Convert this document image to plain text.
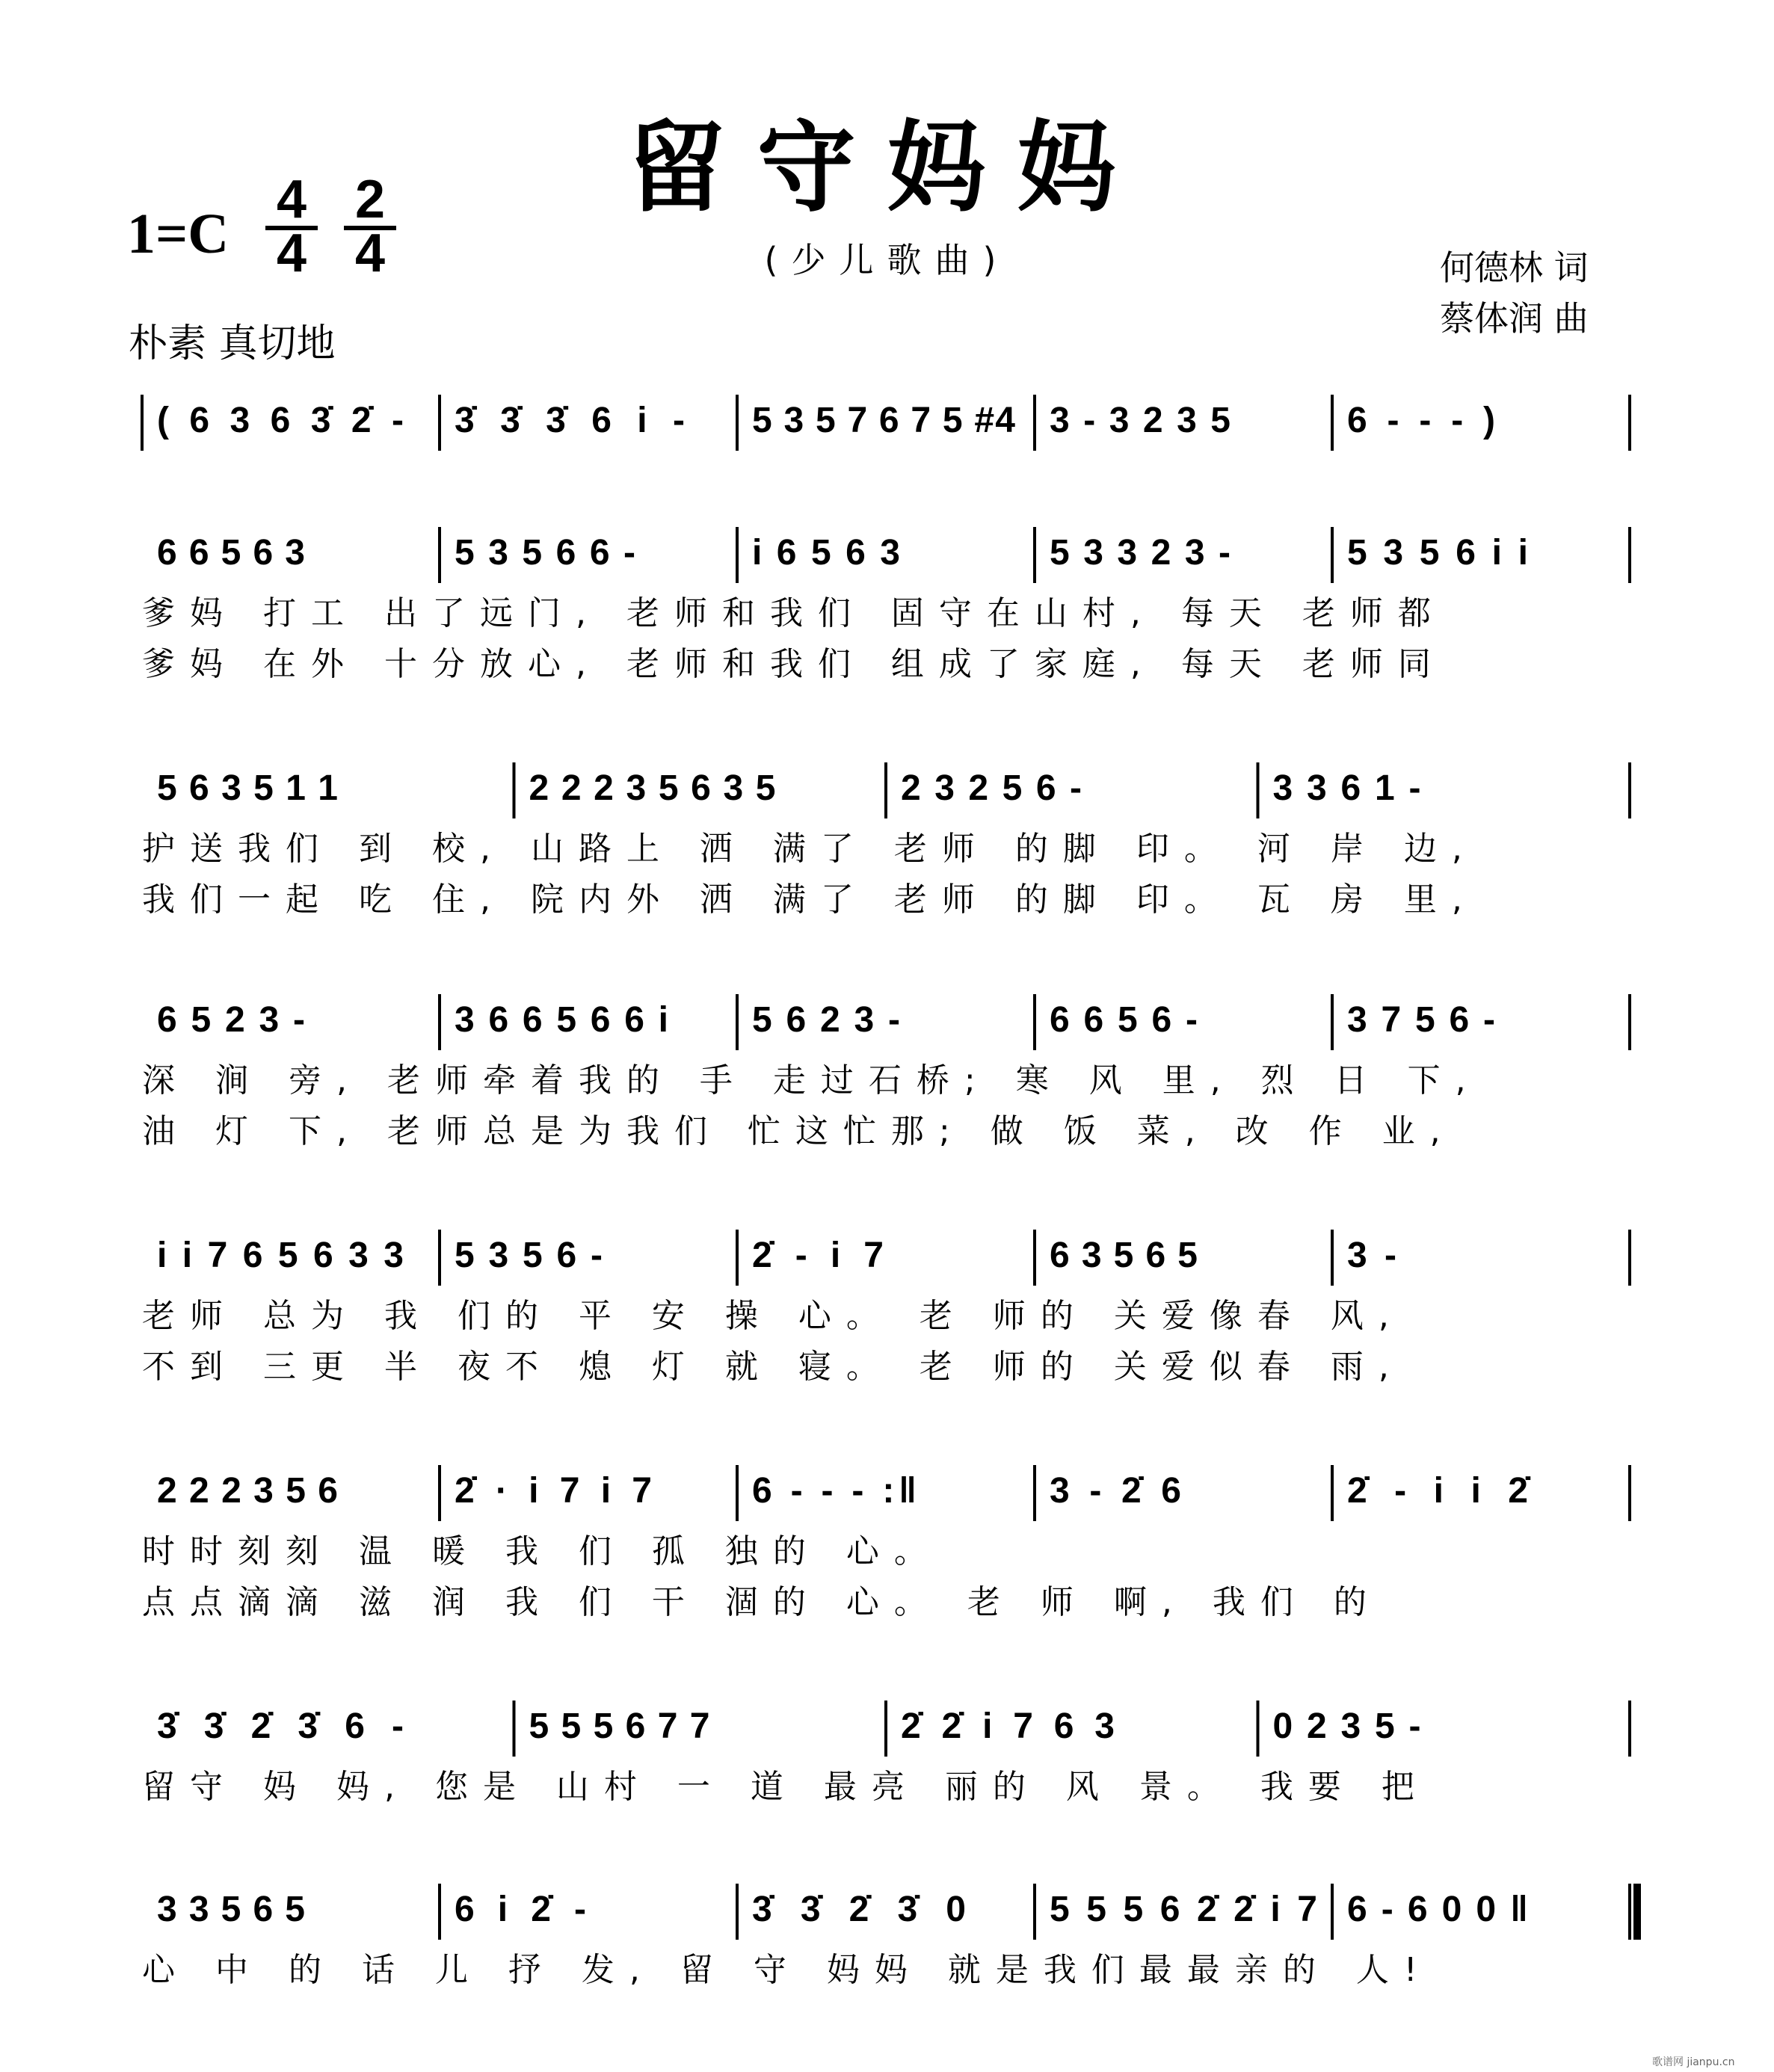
留守妈妈
(少儿歌曲)
1=C
4
4
2
4
朴素 真切地
何德林 词
蔡体润 曲
( 6 3 6 3̇ 2̇ - 3̇ 3̇ 3̇ 6 i - 5 3 5 7 6 7 5 #4 3 - 3 2 3 5	6 - - - )
6 6 5 6 3	5 3 5 6 6 -	i 6 5 6 3	5 3 3 2 3 -	5 3 5 6 i i
爹妈 打工 出了远门, 老师和我们 固守在山村, 每天 老师都
爹妈 在外 十分放心, 老师和我们 组成了家庭, 每天 老师同
5 6 3 5 1 1	2 2 2 3 5 6 3 5	2 3 2 5 6 -	3 3 6 1 -
护送我们 到 校, 山路上 洒 满了 老师 的脚 印。 河 岸 边,
我们一起 吃 住, 院内外 洒 满了 老师 的脚 印。 瓦 房 里,
6 5 2 3 -	3 6 6 5 6 6 i 5 6 2 3 -	6 6 5 6 -	3 7 5 6 -
深 涧 旁, 老师牵着我的 手 走过石桥; 寒 风 里, 烈 日 下,
油 灯 下, 老师总是为我们 忙这忙那; 做 饭 菜, 改 作 业,
i i 7 6 5 6 3 3 5 3 5 6 -	2̇ - i 7	6 3 5 6 5	3 -
老师 总为 我 们的 平 安 操 心。 老 师的 关爱像春 风,
不到 三更 半 夜不 熄 灯 就 寝。 老 师的 关爱似春 雨,
2 2 2 3 5 6	2̇ · i 7 i 7	6 - - - :‖	3 - 2̇ 6	2̇ - i i 2̇
时时刻刻 温 暖 我 们 孤 独的 心。
点点滴滴 滋 润 我 们 干 涸的 心。 老 师 啊, 我们 的
3̇ 3̇ 2̇ 3̇ 6 -	5 5 5 6 7 7	2̇ 2̇ i 7 6 3	0 2 3 5 -
留守 妈 妈, 您是 山村 一 道 最亮 丽的 风 景。 我要 把
3 3 5 6 5	6 i 2̇ -	3̇ 3̇ 2̇ 3̇ 0 5 5 5 6 2̇ 2̇ i 7 6 - 6 0 0 ‖
心 中 的 话 儿 抒 发, 留 守 妈妈 就是我们最最亲的 人!
歌谱网 jianpu.cn
